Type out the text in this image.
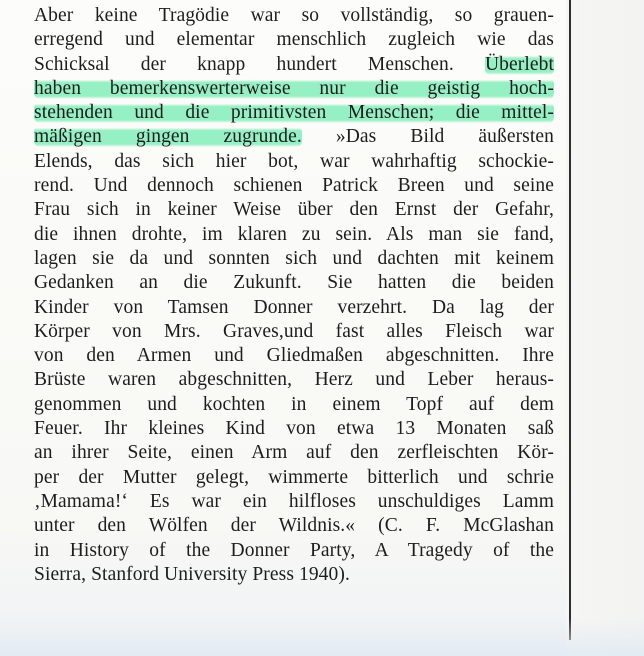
Aber keine Tragödie war so vollständig, so grauen-
erregend und elementar menschlich zugleich wie das
Schicksal der knapp hundert Menschen. Überlebt
haben bemerkenswerterweise nur die geistig hoch-
stehenden und die primitivsten Menschen; die mittel-
mäßigen gingen zugrunde. »Das Bild äußersten
Elends, das sich hier bot, war wahrhaftig schockie-
rend. Und dennoch schienen Patrick Breen und seine
Frau sich in keiner Weise über den Ernst der Gefahr,
die ihnen drohte, im klaren zu sein. Als man sie fand,
lagen sie da und sonnten sich und dachten mit keinem
Gedanken an die Zukunft. Sie hatten die beiden
Kinder von Tamsen Donner verzehrt. Da lag der
Körper von Mrs. Graves,und fast alles Fleisch war
von den Armen und Gliedmaßen abgeschnitten. Ihre
Brüste waren abgeschnitten, Herz und Leber heraus-
genommen und kochten in einem Topf auf dem
Feuer. Ihr kleines Kind von etwa 13 Monaten saß
an ihrer Seite, einen Arm auf den zerfleischten Kör-
per der Mutter gelegt, wimmerte bitterlich und schrie
‚Mamama!‘ Es war ein hilfloses unschuldiges Lamm
unter den Wölfen der Wildnis.« (C. F. McGlashan
in History of the Donner Party, A Tragedy of the
Sierra, Stanford University Press 1940).
